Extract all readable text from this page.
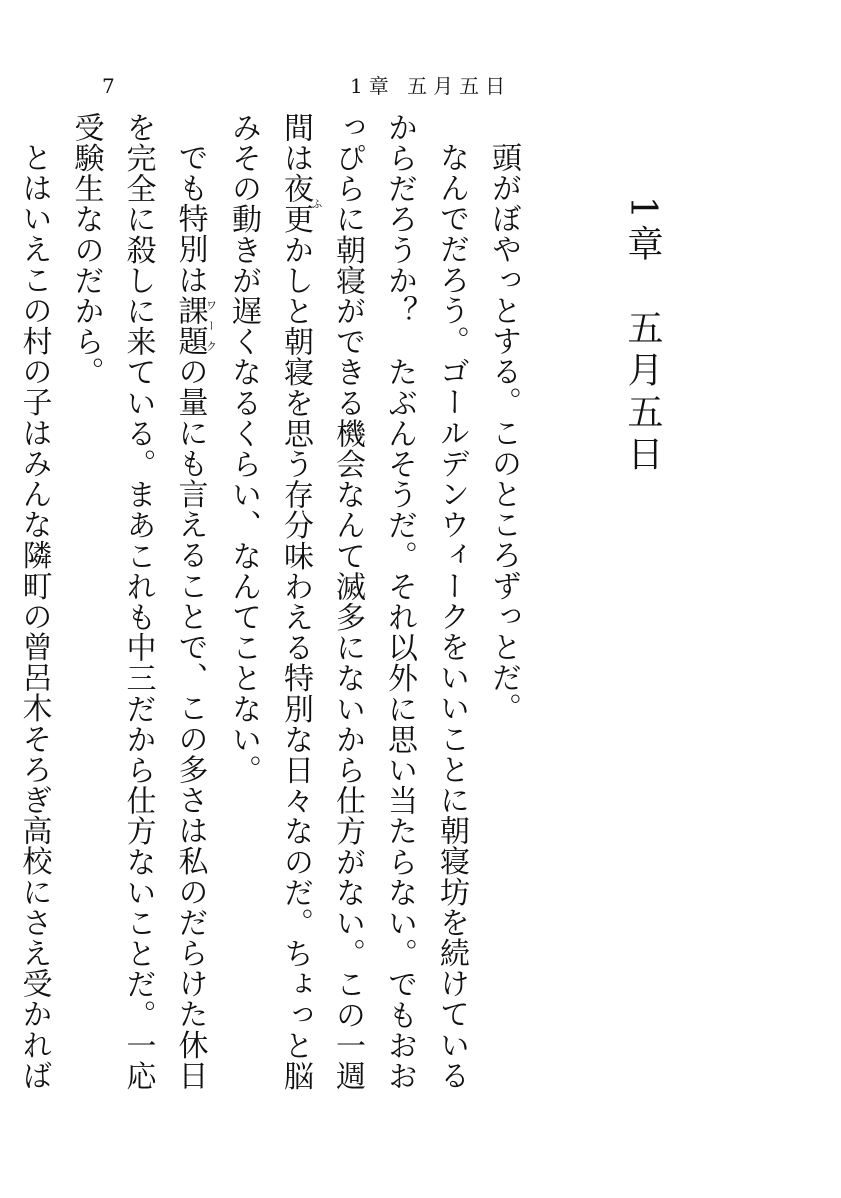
7	1章 五月五日
1章　五月五日

頭がぼやっとする。このところずっとだ。

なんでだろう。ゴールデンウィークをいいことに朝寝坊を続けているからだろうか？　たぶんそうだ。それ以外に思い当たらない。でもおおっぴらに朝寝ができる機会なんて滅多にないから仕方がない。この一週間は夜更ふかしと朝寝を思う存分味わえる特別な日々なのだ。ちょっと脳みその動きが遅くなるくらい、なんてことない。

でも特別は課題ワークの量にも言えることで、この多さは私のだらけた休日を完全に殺しに来ている。まあこれも中三だから仕方ないことだ。一応受験生なのだから。

とはいえこの村の子はみんな隣町の曾呂木そろぎ高校にさえ受かれば
